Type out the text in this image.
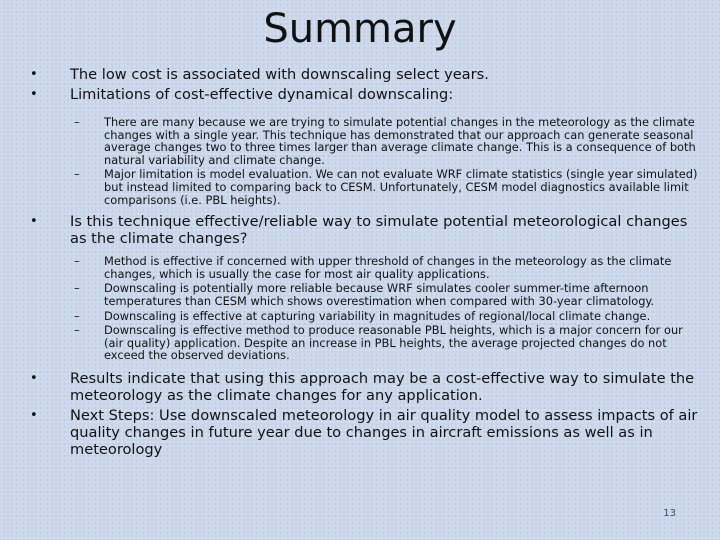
Summary
• The low cost is associated with downscaling select years.
• Limitations of cost-effective dynamical downscaling:
– There are many because we are trying to simulate potential changes in the meteorology as the climate changes with a single year. This technique has demonstrated that our approach can generate seasonal average changes two to three times larger than average climate change. This is a consequence of both natural variability and climate change.
– Major limitation is model evaluation. We can not evaluate WRF climate statistics (single year simulated) but instead limited to comparing back to CESM. Unfortunately, CESM model diagnostics available limit comparisons (i.e. PBL heights).
• Is this technique effective/reliable way to simulate potential meteorological changes as the climate changes?
– Method is effective if concerned with upper threshold of changes in the meteorology as the climate changes, which is usually the case for most air quality applications.
– Downscaling is potentially more reliable because WRF simulates cooler summer-time afternoon temperatures than CESM which shows overestimation when compared with 30-year climatology.
– Downscaling is effective at capturing variability in magnitudes of regional/local climate change.
– Downscaling is effective method to produce reasonable PBL heights, which is a major concern for our (air quality) application. Despite an increase in PBL heights, the average projected changes do not exceed the observed deviations.
• Results indicate that using this approach may be a cost-effective way to simulate the meteorology as the climate changes for any application.
• Next Steps: Use downscaled meteorology in air quality model to assess impacts of air quality changes in future year due to changes in aircraft emissions as well as in meteorology
13
